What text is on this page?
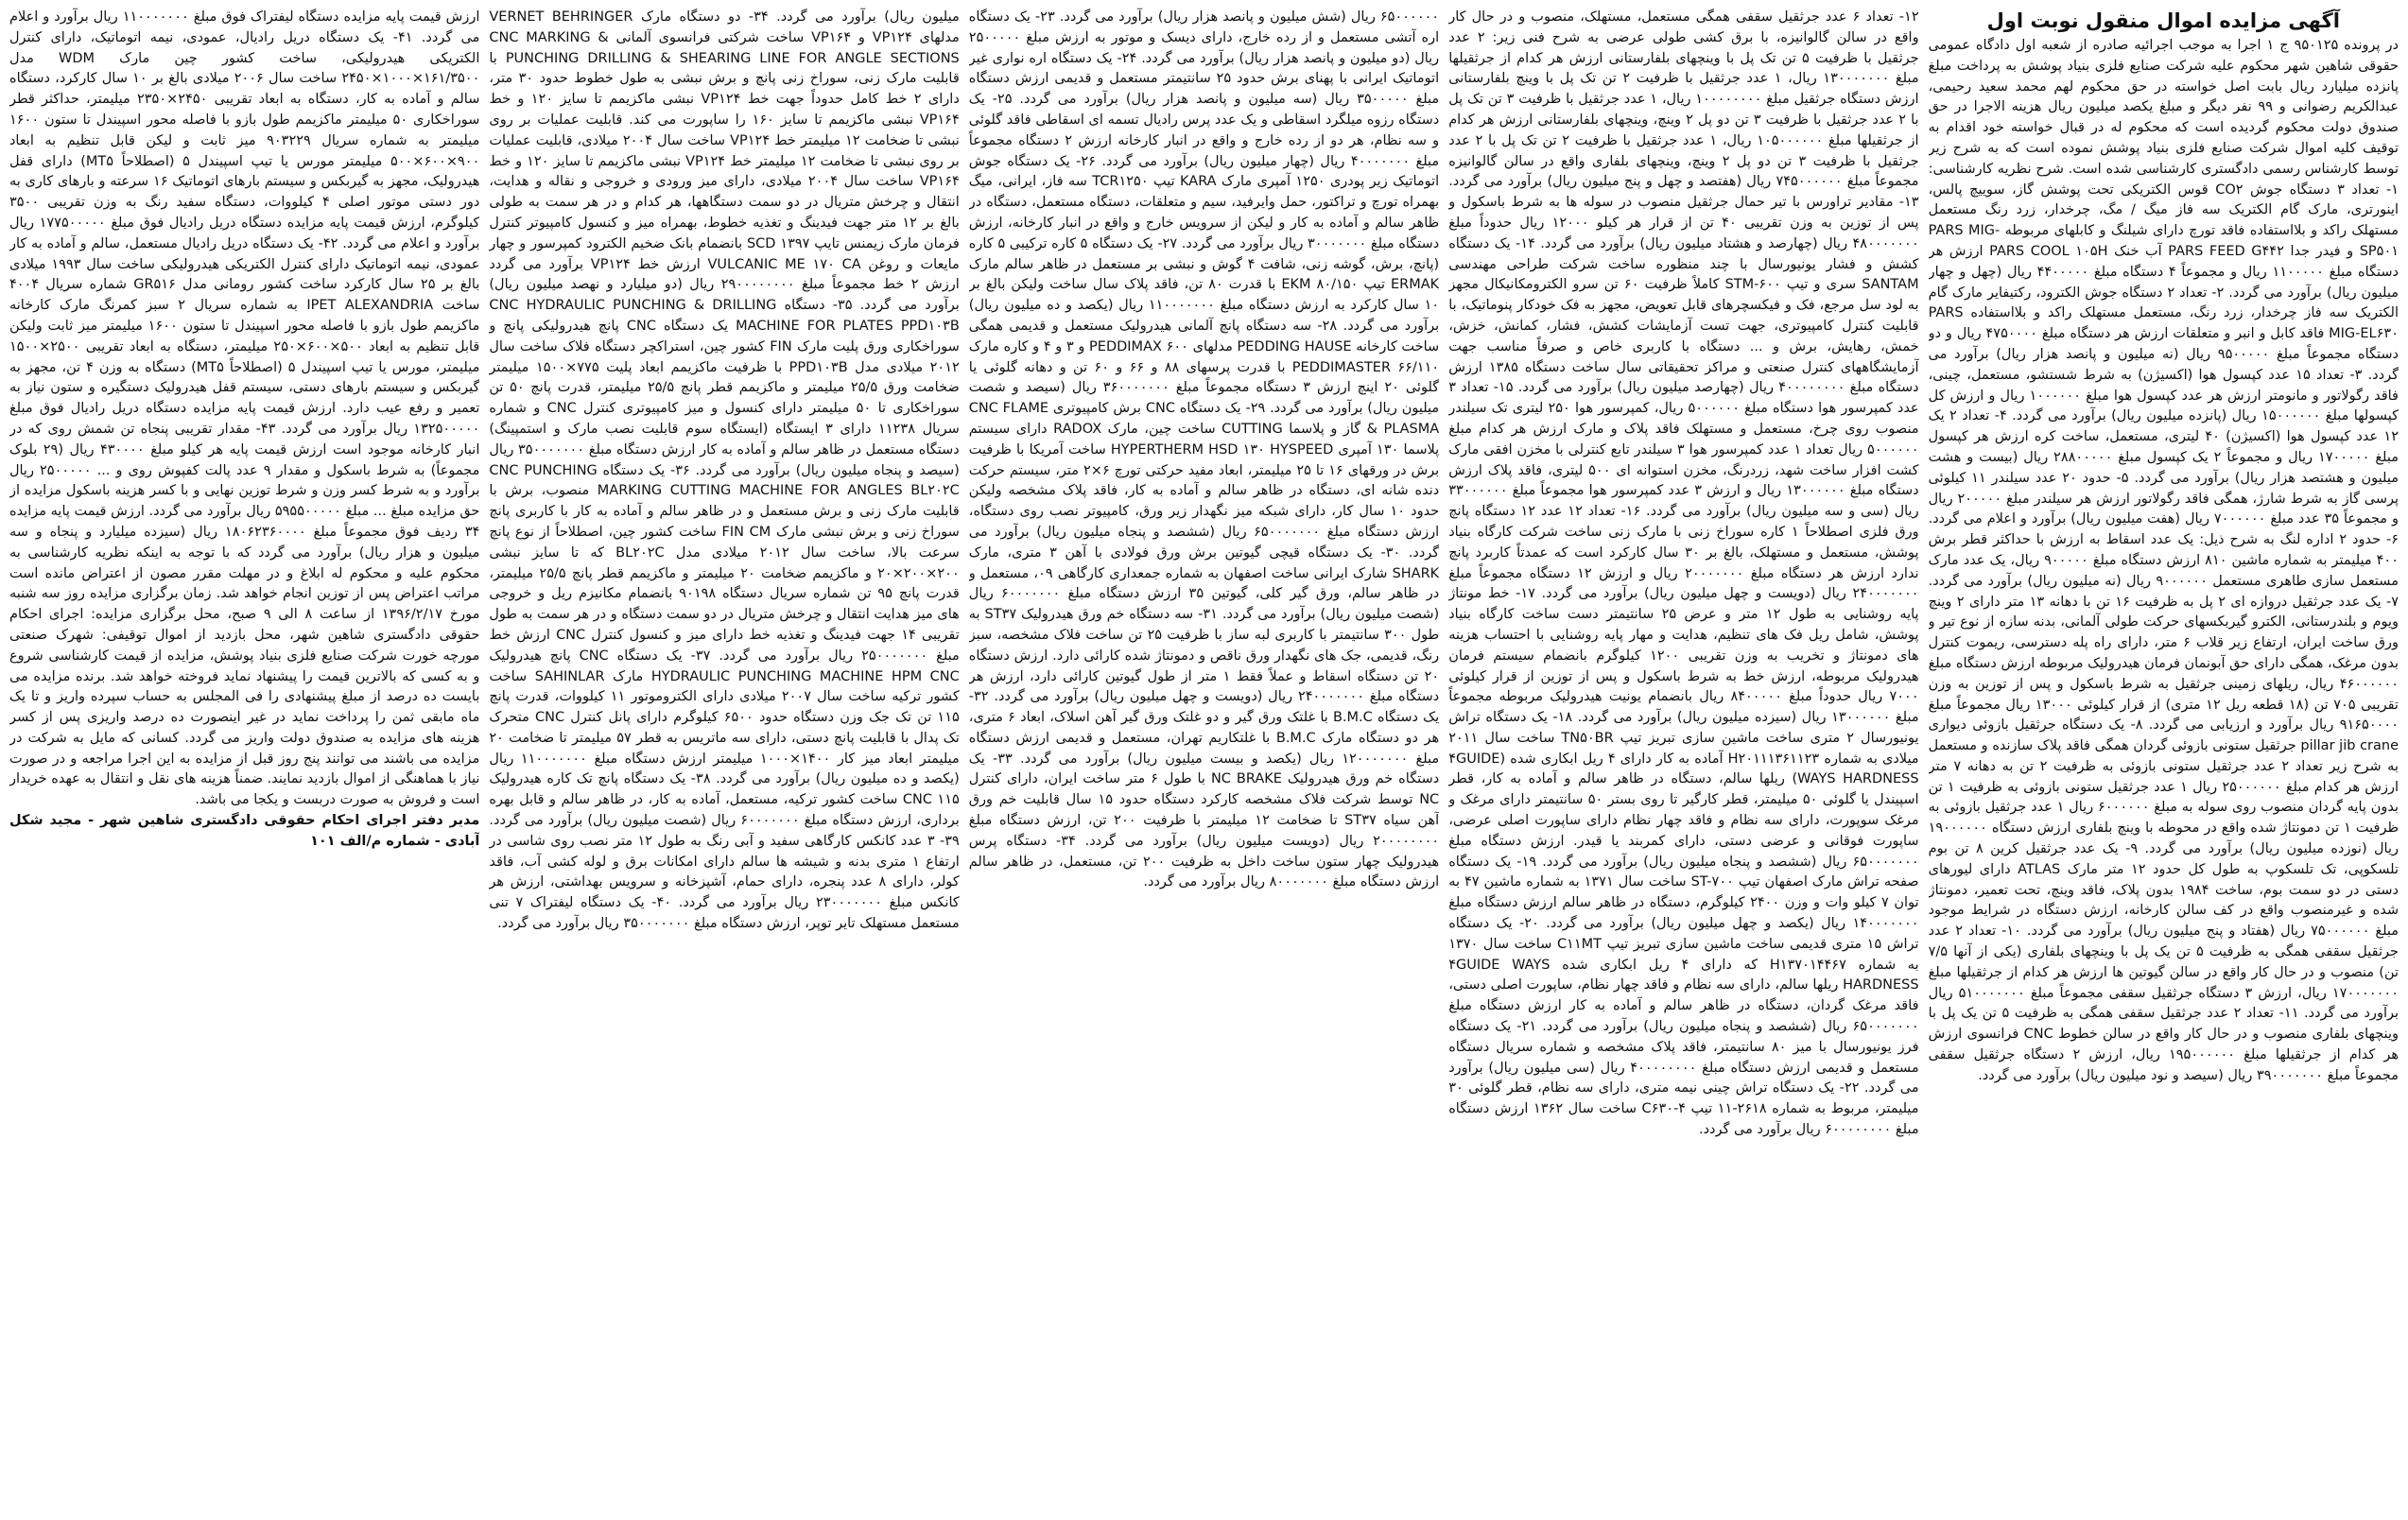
آگهی مزایده اموال منقول نوبت اول

در پرونده ۹۵۰۱۲۵ ج ۱ اجرا به موجب اجرائیه صادره از شعبه اول دادگاه عمومی حقوقی شاهین شهر محکوم علیه شرکت صنایع فلزی بنیاد پوشش به پرداخت مبلغ پانزده میلیارد ریال بابت اصل خواسته در حق محکوم لهم محمد سعید رحیمی، عبدالکریم رضوانی و ۹۹ نفر دیگر و مبلغ یکصد میلیون ریال هزینه الاجرا در حق صندوق دولت محکوم گردیده است که محکوم له در قبال خواسته خود اقدام به توقیف کلیه اموال شرکت صنایع فلزی بنیاد پوشش نموده است که به شرح زیر توسط کارشناس رسمی دادگستری کارشناسی شده است. شرح نظریه کارشناسی: ۱- تعداد ۳ دستگاه جوش CO۲ قوس الکتریکی تحت پوشش گاز، سوییچ پالس، اینورتری، مارک گام الکتریک سه فاز میگ / مگ، چرخدار، زرد رنگ مستعمل مستهلک راکد و بلااستفاده فاقد تورچ دارای شیلنگ و کابلهای مربوطه PARS MIG-SP۵۰۱ و فیدر جدا PARS FEED G۴۴۲ آب خنک PARS COOL ۱۰۵H ارزش هر دستگاه مبلغ ۱۱۰۰۰۰۰ ریال و مجموعاً ۴ دستگاه مبلغ ۴۴۰۰۰۰۰ ریال (چهل و چهار میلیون ریال) برآورد می گردد. ۲- تعداد ۲ دستگاه جوش الکترود، رکتیفایر مارک گام الکتریک سه فاز چرخدار، زرد رنگ، مستعمل مستهلک راکد و بلااستفاده PARS MIG-EL۶۳۰ فاقد کابل و انبر و متعلقات ارزش هر دستگاه مبلغ ۴۷۵۰۰۰۰ ریال و دو دستگاه مجموعاً مبلغ ۹۵۰۰۰۰۰ ریال (نه میلیون و پانصد هزار ریال) برآورد می گردد. ۳- تعداد ۱۵ عدد کپسول هوا (اکسیژن) به شرط شستشو، مستعمل، چینی، فاقد رگولاتور و مانومتر ارزش هر عدد کپسول هوا مبلغ ۱۰۰۰۰۰۰ ریال و ارزش کل کپسولها مبلغ ۱۵۰۰۰۰۰۰ ریال (پانزده میلیون ریال) برآورد می گردد. ۴- تعداد ۲ یک ۱۲ عدد کپسول هوا (اکسیژن) ۴۰ لیتری، مستعمل، ساخت کره ارزش هر کپسول مبلغ ۱۷۰۰۰۰۰ ریال و مجموعاً ۲ یک کپسول مبلغ ۲۸۸۰۰۰۰۰ ریال (بیست و هشت میلیون و هشتصد هزار ریال) برآورد می گردد. ۵- حدود ۲۰ عدد سیلندر ۱۱ کیلوئی پرسی گاز به شرط شارژ، همگی فاقد رگولاتور ارزش هر سیلندر مبلغ ۲۰۰۰۰۰ ریال و مجموعاً ۳۵ عدد مبلغ ۷۰۰۰۰۰۰ ریال (هفت میلیون ریال) برآورد و اعلام می گردد. ۶- حدود ۲ اداره لنگ به شرح ذیل: یک عدد اسقاط به ارزش با حداکثر قطر برش ۴۰۰ میلیمتر به شماره ماشین ۸۱۰ ارزش دستگاه مبلغ ۹۰۰۰۰۰ ریال، یک عدد مارک مستعمل سازی طاهری مستعمل ۹۰۰۰۰۰۰ ریال (نه میلیون ریال) برآورد می گردد. ۷- یک عدد جرثقیل دروازه ای ۲ پل به ظرفیت ۱۶ تن با دهانه ۱۳ متر دارای ۲ وینچ ویوم و بلندرستانی، الکترو گیربکسهای حرکت طولی آلمانی، بدنه سازه از نوع تیر و ورق ساخت ایران، ارتفاع زیر قلاب ۶ متر، دارای راه پله دسترسی، ریموت کنترل بدون مرغک، همگی دارای حق آبونمان فرمان هیدرولیک مربوطه ارزش دستگاه مبلغ ۴۶۰۰۰۰۰۰ ریال، ریلهای زمینی جرثقیل به شرط باسکول و پس از توزین به وزن تقریبی ۷۰۵ تن (۱۸ قطعه ریل ۱۲ متری) از قرار کیلوئی ۱۳۰۰۰ ریال مجموعاً مبلغ ۹۱۶۵۰۰۰۰ ریال برآورد و ارزیابی می گردد. ۸- یک دستگاه جرثقیل بازوئی دیواری pillar jib crane جرثقیل ستونی بازوئی گردان همگی فاقد پلاک سازنده و مستعمل به شرح زیر تعداد ۲ عدد جرثقیل ستونی بازوئی به ظرفیت ۲ تن به دهانه ۷ متر ارزش هر کدام مبلغ ۲۵۰۰۰۰۰۰ ریال ۱ عدد جرثقیل ستونی بازوئی به ظرفیت ۱ تن بدون پایه گردان منصوب روی سوله به مبلغ ۶۰۰۰۰۰۰ ریال ۱ عدد جرثقیل بازوئی به ظرفیت ۱ تن دمونتاژ شده واقع در محوطه با وینچ بلفاری ارزش دستگاه ۱۹۰۰۰۰۰۰ ریال (نوزده میلیون ریال) برآورد می گردد. ۹- یک عدد جرثقیل کرین ۸ تن بوم تلسکوپی، تک تلسکوپ به طول کل حدود ۱۲ متر مارک ATLAS دارای لیورهای دستی در دو سمت بوم، ساخت ۱۹۸۴ بدون پلاک، فاقد وینچ، تحت تعمیر، دمونتاژ شده و غیرمنصوب واقع در کف سالن کارخانه، ارزش دستگاه در شرایط موجود مبلغ ۷۵۰۰۰۰۰۰ ریال (هفتاد و پنج میلیون ریال) برآورد می گردد. ۱۰- تعداد ۲ عدد جرثقیل سقفی همگی به ظرفیت ۵ تن یک پل با وینچهای بلفاری (یکی از آنها ۷/۵ تن) منصوب و در حال کار واقع در سالن گیوتین ها ارزش هر کدام از جرثقیلها مبلغ ۱۷۰۰۰۰۰۰۰ ریال، ارزش ۳ دستگاه جرثقیل سقفی مجموعاً مبلغ ۵۱۰۰۰۰۰۰۰ ریال برآورد می گردد. ۱۱- تعداد ۲ عدد جرثقیل سقفی همگی به ظرفیت ۵ تن یک پل با وینچهای بلفاری منصوب و در حال کار واقع در سالن خطوط CNC فرانسوی ارزش هر کدام از جرثقیلها مبلغ ۱۹۵۰۰۰۰۰۰ ریال، ارزش ۲ دستگاه جرثقیل سقفی مجموعاً مبلغ ۳۹۰۰۰۰۰۰۰ ریال (سیصد و نود میلیون ریال) برآورد می گردد.

۱۲- تعداد ۶ عدد جرثقیل سقفی همگی مستعمل، مستهلک، منصوب و در حال کار واقع در سالن گالوانیزه، با برق کشی طولی عرضی به شرح فنی زیر: ۲ عدد جرثقیل با ظرفیت ۵ تن تک پل با وینچهای بلفارستانی ارزش هر کدام از جرثقیلها مبلغ ۱۳۰۰۰۰۰۰۰ ریال، ۱ عدد جرثقیل با ظرفیت ۲ تن تک پل با وینچ بلفارستانی ارزش دستگاه جرثقیل مبلغ ۱۰۰۰۰۰۰۰۰ ریال، ۱ عدد جرثقیل با ظرفیت ۳ تن تک پل با ۲ عدد جرثقیل با ظرفیت ۳ تن دو پل ۲ وینچ، وینچهای بلفارستانی ارزش هر کدام از جرثقیلها مبلغ ۱۰۵۰۰۰۰۰۰ ریال، ۱ عدد جرثقیل با ظرفیت ۲ تن تک پل با ۲ عدد جرثقیل با ظرفیت ۳ تن دو پل ۲ وینچ، وینچهای بلفاری واقع در سالن گالوانیزه مجموعاً مبلغ ۷۴۵۰۰۰۰۰۰ ریال (هفتصد و چهل و پنج میلیون ریال) برآورد می گردد. ۱۳- مقادیر تراورس با تیر حمال جرثقیل منصوب در سوله ها به شرط باسکول و پس از توزین به وزن تقریبی ۴۰ تن از قرار هر کیلو ۱۲۰۰۰ ریال حدوداً مبلغ ۴۸۰۰۰۰۰۰۰ ریال (چهارصد و هشتاد میلیون ریال) برآورد می گردد. ۱۴- یک دستگاه کشش و فشار یونیورسال با چند منظوره ساخت شرکت طراحی مهندسی SANTAM سری و تیپ STM-۶۰۰ کاملاً ظرفیت ۶۰ تن سرو الکترومکانیکال مجهز به لود سل مرجع، فک و فیکسچرهای قابل تعویض، مجهز به فک خودکار پنوماتیک، با قابلیت کنترل کامپیوتری، جهت تست آزمایشات کشش، فشار، کمانش، خزش، خمش، رهایش، برش و ... دستگاه با کاربری خاص و صرفاً مناسب جهت آزمایشگاههای کنترل صنعتی و مراکز تحقیقاتی سال ساخت دستگاه ۱۳۸۵ ارزش دستگاه مبلغ ۴۰۰۰۰۰۰۰۰ ریال (چهارصد میلیون ریال) برآورد می گردد. ۱۵- تعداد ۳ عدد کمپرسور هوا دستگاه مبلغ ۵۰۰۰۰۰۰ ریال، کمپرسور هوا ۲۵۰ لیتری تک سیلندر منصوب روی چرخ، مستعمل و مستهلک فاقد پلاک و مارک ارزش هر کدام مبلغ ۵۰۰۰۰۰۰ ریال تعداد ۱ عدد کمپرسور هوا ۳ سیلندر تابع کنترلی با مخزن افقی مارک کشت افزار ساخت شهد، زردرنگ، مخزن استوانه ای ۵۰۰ لیتری، فاقد پلاک ارزش دستگاه مبلغ ۱۳۰۰۰۰۰۰ ریال و ارزش ۳ عدد کمپرسور هوا مجموعاً مبلغ ۳۳۰۰۰۰۰۰ ریال (سی و سه میلیون ریال) برآورد می گردد. ۱۶- تعداد ۱۲ عدد ۱۲ دستگاه پانچ ورق فلزی اصطلاحاً ۱ کاره سوراخ زنی با مارک زنی ساخت شرکت کارگاه بنیاد پوشش، مستعمل و مستهلک، بالغ بر ۳۰ سال کارکرد است که عمدتاً کاربرد پانچ ندارد ارزش هر دستگاه مبلغ ۲۰۰۰۰۰۰۰ ریال و ارزش ۱۲ دستگاه مجموعاً مبلغ ۲۴۰۰۰۰۰۰۰ ریال (دویست و چهل میلیون ریال) برآورد می گردد. ۱۷- خط مونتاژ پایه روشنایی به طول ۱۲ متر و عرض ۲۵ سانتیمتر دست ساخت کارگاه بنیاد پوشش، شامل ریل فک های تنظیم، هدایت و مهار پایه روشنایی با احتساب هزینه های دمونتاژ و تخریب به وزن تقریبی ۱۲۰۰ کیلوگرم بانضمام سیستم فرمان هیدرولیک مربوطه، ارزش خط به شرط باسکول و پس از توزین از قرار کیلوئی ۷۰۰۰ ریال حدوداً مبلغ ۸۴۰۰۰۰۰ ریال بانضمام یونیت هیدرولیک مربوطه مجموعاً مبلغ ۱۳۰۰۰۰۰۰ ریال (سیزده میلیون ریال) برآورد می گردد. ۱۸- یک دستگاه تراش یونیورسال ۲ متری ساخت ماشین سازی تبریز تیپ TN۵۰BR ساخت سال ۲۰۱۱ میلادی به شماره H۲۰۱۱۱۳۶۱۱۲۳ آماده به کار دارای ۴ ریل ابکاری شده (۴GUIDE WAYS HARDNESS) ریلها سالم، دستگاه در ظاهر سالم و آماده به کار، قطر اسپیندل یا گلوئی ۵۰ میلیمتر، قطر کارگیر تا روی بستر ۵۰ سانتیمتر دارای مرغک و مرغک سوپورت، دارای سه نظام و فاقد چهار نظام دارای ساپورت اصلی عرضی، ساپورت فوقانی و عرضی دستی، دارای کمربند یا قیدر. ارزش دستگاه مبلغ ۶۵۰۰۰۰۰۰۰ ریال (ششصد و پنجاه میلیون ریال) برآورد می گردد. ۱۹- یک دستگاه صفحه تراش مارک اصفهان تیپ ST-۷۰۰ ساخت سال ۱۳۷۱ به شماره ماشین ۴۷ به توان ۷ کیلو وات و وزن ۲۴۰۰ کیلوگرم، دستگاه در ظاهر سالم ارزش دستگاه مبلغ ۱۴۰۰۰۰۰۰۰ ریال (یکصد و چهل میلیون ریال) برآورد می گردد. ۲۰- یک دستگاه تراش ۱۵ متری قدیمی ساخت ماشین سازی تبریز تیپ C۱۱MT ساخت سال ۱۳۷۰ به شماره H۱۳۷۰۱۴۴۶۷ که دارای ۴ ریل ابکاری شده ۴GUIDE WAYS HARDNESS ریلها سالم، دارای سه نظام و فاقد چهار نظام، ساپورت اصلی دستی، فاقد مرغک گردان، دستگاه در ظاهر سالم و آماده به کار ارزش دستگاه مبلغ ۶۵۰۰۰۰۰۰۰ ریال (ششصد و پنجاه میلیون ریال) برآورد می گردد. ۲۱- یک دستگاه فرز یونیورسال با میز ۸۰ سانتیمتر، فاقد پلاک مشخصه و شماره سریال دستگاه مستعمل و قدیمی ارزش دستگاه مبلغ ۴۰۰۰۰۰۰۰۰ ریال (سی میلیون ریال) برآورد می گردد. ۲۲- یک دستگاه تراش چینی نیمه متری، دارای سه نظام، قطر گلوئی ۳۰ میلیمتر، مربوط به شماره ۲۶۱۸-۱۱ تیپ C۶۳۰-۴ ساخت سال ۱۳۶۲ ارزش دستگاه مبلغ ۶۰۰۰۰۰۰۰۰ ریال برآورد می گردد.

۶۵۰۰۰۰۰۰ ریال (شش میلیون و پانصد هزار ریال) برآورد می گردد. ۲۳- یک دستگاه اره آتشی مستعمل و از رده خارج، دارای دیسک و موتور به ارزش مبلغ ۲۵۰۰۰۰۰ ریال (دو میلیون و پانصد هزار ریال) برآورد می گردد. ۲۴- یک دستگاه اره نواری غیر اتوماتیک ایرانی با پهنای برش حدود ۲۵ سانتیمتر مستعمل و قدیمی ارزش دستگاه مبلغ ۳۵۰۰۰۰۰ ریال (سه میلیون و پانصد هزار ریال) برآورد می گردد. ۲۵- یک دستگاه رزوه میلگرد اسقاطی و یک عدد پرس رادیال تسمه ای اسقاطی فاقد گلوئی و سه نظام، هر دو از رده خارج و واقع در انبار کارخانه ارزش ۲ دستگاه مجموعاً مبلغ ۴۰۰۰۰۰۰۰ ریال (چهار میلیون ریال) برآورد می گردد. ۲۶- یک دستگاه جوش اتوماتیک زیر پودری ۱۲۵۰ آمپری مارک KARA تیپ TCR۱۲۵۰ سه فاز، ایرانی، میگ بهمراه تورچ و تراکتور، حمل وایرفید، سیم و متعلقات، دستگاه مستعمل، دستگاه در ظاهر سالم و آماده به کار و لیکن از سرویس خارج و واقع در انبار کارخانه، ارزش دستگاه مبلغ ۳۰۰۰۰۰۰۰ ریال برآورد می گردد. ۲۷- یک دستگاه ۵ کاره ترکیبی ۵ کاره (پانچ، برش، گوشه زنی، شافت ۴ گوش و نبشی بر مستعمل در ظاهر سالم مارک ERMAK تیپ EKM ۸۰/۱۵۰ با قدرت ۸۰ تن، فاقد پلاک سال ساخت ولیکن بالغ بر ۱۰ سال کارکرد به ارزش دستگاه مبلغ ۱۱۰۰۰۰۰۰۰ ریال (یکصد و ده میلیون ریال) برآورد می گردد. ۲۸- سه دستگاه پانچ آلمانی هیدرولیک مستعمل و قدیمی همگی ساخت کارخانه PEDDING HAUSE مدلهای PEDDIMAX ۶۰۰ و ۳ و ۴ و کاره مارک PEDDIMASTER ۶۶/۱۱۰ با قدرت پرسهای ۸۸ و ۶۶ و ۶۰ تن و دهانه گلوئی یا گلوئی ۲۰ اینچ ارزش ۳ دستگاه مجموعاً مبلغ ۳۶۰۰۰۰۰۰۰ ریال (سیصد و شصت میلیون ریال) برآورد می گردد. ۲۹- یک دستگاه CNC برش کامپیوتری CNC FLAME & PLASMA گاز و پلاسما CUTTING ساخت چین، مارک RADOX دارای سیستم پلاسما ۱۳۰ آمپری HYPERTHERM HSD ۱۳۰ HYSPEED ساخت آمریکا با ظرفیت برش در ورقهای ۱۶ تا ۲۵ میلیمتر، ابعاد مفید حرکتی تورچ ۶×۲ متر، سیستم حرکت دنده شانه ای، دستگاه در ظاهر سالم و آماده به کار، فاقد پلاک مشخصه ولیکن حدود ۱۰ سال کار، دارای شبکه میز نگهدار زیر ورق، کامپیوتر نصب روی دستگاه، ارزش دستگاه مبلغ ۶۵۰۰۰۰۰۰۰ ریال (ششصد و پنجاه میلیون ریال) برآورد می گردد. ۳۰- یک دستگاه قیچی گیوتین برش ورق فولادی با آهن ۳ متری، مارک SHARK شارک ایرانی ساخت اصفهان به شماره جمعداری کارگاهی ۰۹، مستعمل و در ظاهر سالم، ورق گیر کلی، گیوتین ۳۵ ارزش دستگاه مبلغ ۶۰۰۰۰۰۰۰ ریال (شصت میلیون ریال) برآورد می گردد. ۳۱- سه دستگاه خم ورق هیدرولیک ST۳۷ به طول ۳۰۰ سانتیمتر با کاربری لبه ساز با ظرفیت ۲۵ تن ساخت فلاک مشخصه، سبز رنگ، قدیمی، جک های نگهدار ورق ناقص و دمونتاژ شده کارائی دارد. ارزش دستگاه ۲۰ تن دستگاه اسقاط و عملاً فقط ۱ متر از طول گیوتین کارائی دارد، ارزش هر دستگاه مبلغ ۲۴۰۰۰۰۰۰۰ ریال (دویست و چهل میلیون ریال) برآورد می گردد. ۳۲- یک دستگاه B.M.C با غلتک ورق گیر و دو غلتک ورق گیر آهن اسلاک، ابعاد ۶ متری، هر دو دستگاه مارک B.M.C با غلتکاریم تهران، مستعمل و قدیمی ارزش دستگاه مبلغ ۱۲۰۰۰۰۰۰۰ ریال (یکصد و بیست میلیون ریال) برآورد می گردد. ۳۳- یک دستگاه خم ورق هیدرولیک NC BRAKE با طول ۶ متر ساخت ایران، دارای کنترل NC توسط شرکت فلاک مشخصه کارکرد دستگاه حدود ۱۵ سال قابلیت خم ورق آهن سیاه ST۳۷ تا ضخامت ۱۲ میلیمتر با ظرفیت ۲۰۰ تن، ارزش دستگاه مبلغ ۲۰۰۰۰۰۰۰۰ ریال (دویست میلیون ریال) برآورد می گردد. ۳۴- دستگاه پرس هیدرولیک چهار ستون ساخت داخل به ظرفیت ۲۰۰ تن، مستعمل، در ظاهر سالم ارزش دستگاه مبلغ ۸۰۰۰۰۰۰۰ ریال برآورد می گردد.

میلیون ریال) برآورد می گردد. ۳۴- دو دستگاه مارک VERNET BEHRINGER مدلهای VP۱۲۴ و VP۱۶۴ ساخت شرکتی فرانسوی آلمانی & CNC MARKING PUNCHING DRILLING & SHEARING LINE FOR ANGLE SECTIONS با قابلیت مارک زنی، سوراخ زنی پانچ و برش نبشی به طول خطوط حدود ۳۰ متر، دارای ۲ خط کامل حدوداً جهت خط VP۱۲۴ نبشی ماکزیمم تا سایز ۱۲۰ و خط VP۱۶۴ نبشی ماکزیمم تا سایز ۱۶۰ را ساپورت می کند. قابلیت عملیات بر روی نبشی تا ضخامت ۱۲ میلیمتر خط VP۱۲۴ ساخت سال ۲۰۰۴ میلادی، قابلیت عملیات بر روی نبشی تا ضخامت ۱۲ میلیمتر خط VP۱۲۴ نبشی ماکزیمم تا سایز ۱۲۰ و خط VP۱۶۴ ساخت سال ۲۰۰۴ میلادی، دارای میز ورودی و خروجی و نقاله و هدایت، انتقال و چرخش متریال در دو سمت دستگاهها، هر کدام و در هر سمت به طولی بالغ بر ۱۲ متر جهت فیدینگ و تغذیه خطوط، بهمراه میز و کنسول کامپیوتر کنترل فرمان مارک زیمنس تایپ SCD ۱۳۹۷ بانضمام بانک ضخیم الکترود کمپرسور و چهار مایعات و روغن VULCANIC ME ۱۷۰ CA ارزش خط VP۱۲۴ برآورد می گردد ارزش ۲ خط مجموعاً مبلغ ۲۹۰۰۰۰۰۰۰۰ ریال (دو میلیارد و نهصد میلیون ریال) برآورد می گردد. ۳۵- دستگاه CNC HYDRAULIC PUNCHING & DRILLING MACHINE FOR PLATES PPD۱۰۳B یک دستگاه CNC پانچ هیدرولیکی پانچ و سوراخکاری ورق پلیت مارک FIN کشور چین، استراکچر دستگاه فلاک ساخت سال ۲۰۱۲ میلادی مدل PPD۱۰۳B با ظرفیت ماکزیمم ابعاد پلیت ۷۷۵×۱۵۰۰ میلیمتر ضخامت ورق ۲۵/۵ میلیمتر و ماکزیمم قطر پانچ ۲۵/۵ میلیمتر، قدرت پانچ ۵۰ تن سوراخکاری تا ۵۰ میلیمتر دارای کنسول و میز کامپیوتری کنترل CNC و شماره سریال ۱۱۲۳۸ دارای ۳ ایستگاه (ایستگاه سوم قابلیت نصب مارک و استمپینگ) دستگاه مستعمل در ظاهر سالم و آماده به کار ارزش دستگاه مبلغ ۳۵۰۰۰۰۰۰۰ ریال (سیصد و پنجاه میلیون ریال) برآورد می گردد. ۳۶- یک دستگاه CNC PUNCHING MARKING CUTTING MACHINE FOR ANGLES BL۲۰۲C منصوب، برش با قابلیت مارک زنی و برش مستعمل و در ظاهر سالم و آماده به کار با کاربری پانچ سوراخ زنی و برش نبشی مارک FIN CM ساخت کشور چین، اصطلاحاً از نوع پانچ سرعت بالا، ساخت سال ۲۰۱۲ میلادی مدل BL۲۰۲C که تا سایز نبشی ۲۰۰×۲۰۰×۲۰ و ماکزیمم ضخامت ۲۰ میلیمتر و ماکزیمم قطر پانچ ۲۵/۵ میلیمتر، قدرت پانچ ۹۵ تن شماره سریال دستگاه ۹۰۱۹۸ بانضمام مکانیزم ریل و خروجی های میز هدایت انتقال و چرخش متریال در دو سمت دستگاه و در هر سمت به طول تقریبی ۱۴ جهت فیدینگ و تغذیه خط دارای میز و کنسول کنترل CNC ارزش خط مبلغ ۲۵۰۰۰۰۰۰۰ ریال برآورد می گردد. ۳۷- یک دستگاه CNC پانچ هیدرولیک HYDRAULIC PUNCHING MACHINE HPM CNC مارک SAHINLAR ساخت کشور ترکیه ساخت سال ۲۰۰۷ میلادی دارای الکتروموتور ۱۱ کیلووات، قدرت پانچ ۱۱۵ تن تک جک وزن دستگاه حدود ۶۵۰۰ کیلوگرم دارای پانل کنترل CNC متحرک تک پدال با قابلیت پانچ دستی، دارای سه ماتریس به قطر ۵۷ میلیمتر تا ضخامت ۲۰ میلیمتر ابعاد میز کار ۱۴۰۰×۱۰۰۰ میلیمتر ارزش دستگاه مبلغ ۱۱۰۰۰۰۰۰۰ ریال (یکصد و ده میلیون ریال) برآورد می گردد. ۳۸- یک دستگاه پانچ تک کاره هیدرولیک ۱۱۵ CNC ساخت کشور ترکیه، مستعمل، آماده به کار، در ظاهر سالم و قابل بهره برداری، ارزش دستگاه مبلغ ۶۰۰۰۰۰۰۰ ریال (شصت میلیون ریال) برآورد می گردد. ۳۹- ۳ عدد کانکس کارگاهی سفید و آبی رنگ به طول ۱۲ متر نصب روی شاسی در ارتفاع ۱ متری بدنه و شیشه ها سالم دارای امکانات برق و لوله کشی آب، فاقد کولر، دارای ۸ عدد پنجره، دارای حمام، آشپزخانه و سرویس بهداشتی، ارزش هر کانکس مبلغ ۲۳۰۰۰۰۰۰۰ ریال برآورد می گردد. ۴۰- یک دستگاه لیفتراک ۷ تنی مستعمل مستهلک تایر توپر، ارزش دستگاه مبلغ ۳۵۰۰۰۰۰۰۰ ریال برآورد می گردد.

ارزش قیمت پایه مزایده دستگاه لیفتراک فوق مبلغ ۱۱۰۰۰۰۰۰۰ ریال برآورد و اعلام می گردد. ۴۱- یک دستگاه دریل رادیال، عمودی، نیمه اتوماتیک، دارای کنترل الکتریکی هیدرولیکی، ساخت کشور چین مارک WDM مدل ۱۶۱/۳۵۰۰×۱۰۰۰×۲۴۵۰ ساخت سال ۲۰۰۶ میلادی بالغ بر ۱۰ سال کارکرد، دستگاه سالم و آماده به کار، دستگاه به ابعاد تقریبی ۲۴۵۰×۲۳۵۰ میلیمتر، حداکثر قطر سوراخکاری ۵۰ میلیمتر ماکزیمم طول بازو با فاصله محور اسپیندل تا ستون ۱۶۰۰ میلیمتر به شماره سریال ۹۰۳۲۲۹ میز ثابت و لیکن قابل تنظیم به ابعاد ۹۰۰×۶۰۰×۵۰۰ میلیمتر مورس یا تیپ اسپیندل ۵ (اصطلاحاً MT۵) دارای قفل هیدرولیک، مجهز به گیربکس و سیستم بارهای اتوماتیک ۱۶ سرعته و بارهای کاری به دور دستی موتور اصلی ۴ کیلووات، دستگاه سفید رنگ به وزن تقریبی ۳۵۰۰ کیلوگرم، ارزش قیمت پایه مزایده دستگاه دریل رادیال فوق مبلغ ۱۷۷۵۰۰۰۰۰ ریال برآورد و اعلام می گردد. ۴۲- یک دستگاه دریل رادیال مستعمل، سالم و آماده به کار عمودی، نیمه اتوماتیک دارای کنترل الکتریکی هیدرولیکی ساخت سال ۱۹۹۳ میلادی بالغ بر ۲۵ سال کارکرد ساخت کشور رومانی مدل GR۵۱۶ شماره سریال ۴۰۰۴ ساخت IPET ALEXANDRIA به شماره سریال ۲ سبز کمرنگ مارک کارخانه ماکزیمم طول بازو با فاصله محور اسپیندل تا ستون ۱۶۰۰ میلیمتر میز ثابت ولیکن قابل تنظیم به ابعاد ۵۰۰×۶۰۰×۲۵۰ میلیمتر، دستگاه به ابعاد تقریبی ۲۵۰۰×۱۵۰۰ میلیمتر، مورس یا تیپ اسپیندل ۵ (اصطلاحاً MT۵) دستگاه به وزن ۴ تن، مجهز به گیربکس و سیستم بارهای دستی، سیستم قفل هیدرولیک دستگیره و ستون نیاز به تعمیر و رفع عیب دارد. ارزش قیمت پایه مزایده دستگاه دریل رادیال فوق مبلغ ۱۳۲۵۰۰۰۰۰ ریال برآورد می گردد. ۴۳- مقدار تقریبی پنجاه تن شمش روی که در انبار کارخانه موجود است ارزش قیمت پایه هر کیلو مبلغ ۴۳۰۰۰۰ ریال (۲۹ بلوک مجموعاً) به شرط باسکول و مقدار ۹ عدد پالت کفپوش روی و ... ۲۵۰۰۰۰۰ ریال برآورد و به شرط کسر وزن و شرط توزین نهایی و با کسر هزینه باسکول مزایده از حق مزایده مبلغ ... مبلغ ۵۹۵۵۰۰۰۰۰ ریال برآورد می گردد. ارزش قیمت پایه مزایده ۳۴ ردیف فوق مجموعاً مبلغ ۱۸۰۶۲۳۶۰۰۰۰ ریال (سیزده میلیارد و پنجاه و سه میلیون و هزار ریال) برآورد می گردد که با توجه به اینکه نظریه کارشناسی به محکوم علیه و محکوم له ابلاغ و در مهلت مقرر مصون از اعتراض مانده است مراتب اعتراض پس از توزین انجام خواهد شد. زمان برگزاری مزایده روز سه شنبه مورخ ۱۳۹۶/۲/۱۷ از ساعت ۸ الی ۹ صبح، محل برگزاری مزایده: اجرای احکام حقوقی دادگستری شاهین شهر، محل بازدید از اموال توقیفی: شهرک صنعتی مورچه خورت شرکت صنایع فلزی بنیاد پوشش، مزایده از قیمت کارشناسی شروع و به کسی که بالاترین قیمت را پیشنهاد نماید فروخته خواهد شد. برنده مزایده می بایست ده درصد از مبلغ پیشنهادی را فی المجلس به حساب سپرده واریز و تا یک ماه مابقی ثمن را پرداخت نماید در غیر اینصورت ده درصد واریزی پس از کسر هزینه های مزایده به صندوق دولت واریز می گردد. کسانی که مایل به شرکت در مزایده می باشند می توانند پنج روز قبل از مزایده به این اجرا مراجعه و در صورت نیاز با هماهنگی از اموال بازدید نمایند. ضمناً هزینه های نقل و انتقال به عهده خریدار است و فروش به صورت دربست و یکجا می باشد.

مدیر دفتر اجرای احکام حقوقی دادگستری شاهین شهر - مجید شکل آبادی - شماره م/الف ۱۰۱
